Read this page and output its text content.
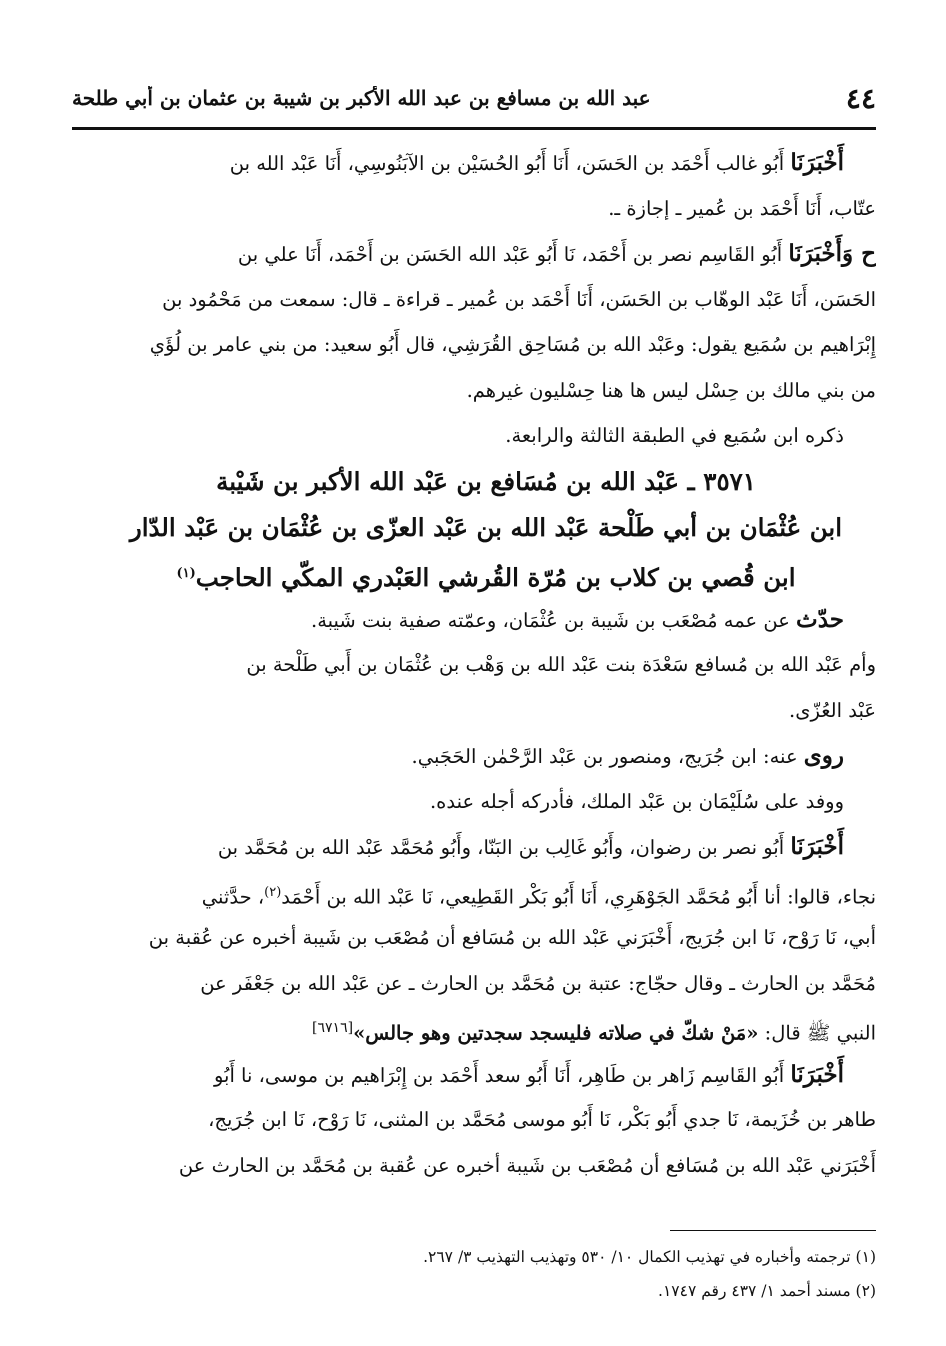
٤٤
عبد الله بن مسافع بن عبد الله الأكبر بن شيبة بن عثمان بن أبي طلحة
أَخْبَرَنَا أَبُو غالب أَحْمَد بن الحَسَن، أَنَا أَبُو الحُسَيْن بن الآبَنُوسِي، أَنَا عَبْد الله بن
عتّاب، أَنَا أَحْمَد بن عُمير ـ إجازة ـ.
ح وَأَخْبَرَنَا أَبُو القَاسِم نصر بن أَحْمَد، نَا أَبُو عَبْد الله الحَسَن بن أَحْمَد، أَنَا علي بن
الحَسَن، أَنَا عَبْد الوهّاب بن الحَسَن، أَنَا أَحْمَد بن عُمير ـ قراءة ـ قال: سمعت من مَحْمُود بن
إِبْرَاهيم بن سُمَيع يقول: وعَبْد الله بن مُسَاحِق القُرَشِي، قال أَبُو سعيد: من بني عامر بن لُؤَي
من بني مالك بن حِسْل ليس ها هنا حِسْليون غيرهم.
ذكره ابن سُمَيع في الطبقة الثالثة والرابعة.
٣٥٧١ ـ عَبْد الله بن مُسَافع بن عَبْد الله الأكبر بن شَيْبة
ابن عُثْمَان بن أبي طَلْحة عَبْد الله بن عَبْد العزّى بن عُثْمَان بن عَبْد الدّار
ابن قُصي بن كلاب بن مُرّة القُرشي العَبْدري المكّي الحاجب$^{(١)}$
حدّث عن عمه مُصْعَب بن شَيبة بن عُثْمَان، وعمّته صفية بنت شَيبة.
وأم عَبْد الله بن مُسافع سَعْدَة بنت عَبْد الله بن وَهْب بن عُثْمَان بن أَبي طَلْحة بن
عَبْد العُزّى.
روى عنه: ابن جُرَيج، ومنصور بن عَبْد الرَّحْمٰن الحَجَبي.
ووفد على سُلَيْمَان بن عَبْد الملك، فأدركه أجله عنده.
أَخْبَرَنَا أَبُو نصر بن رضوان، وأَبُو غَالِب بن البَنّا، وأَبُو مُحَمَّد عَبْد الله بن مُحَمَّد بن
نجاء، قالوا: أنا أَبُو مُحَمَّد الجَوْهَرِي، أَنَا أَبُو بَكْر القَطِيعي، نَا عَبْد الله بن أَحْمَد$^{(٢)}$، حدَّثني
أبي، نَا رَوْح، نَا ابن جُرَيج، أَخْبَرَني عَبْد الله بن مُسَافع أن مُصْعَب بن شَيبة أخبره عن عُقبة بن
مُحَمَّد بن الحارث ـ وقال حجّاج: عتبة بن مُحَمَّد بن الحارث ـ عن عَبْد الله بن جَعْفَر عن
النبي ﷺ قال: «مَنْ شكّ في صلاته فليسجد سجدتين وهو جالس»[٦٧١٦]
أَخْبَرَنَا أَبُو القَاسِم زَاهر بن طَاهِر، أَنَا أَبُو سعد أَحْمَد بن إِبْرَاهيم بن موسى، نا أَبُو
طاهر بن خُزَيمة، نَا جدي أَبُو بَكْر، نَا أَبُو موسى مُحَمَّد بن المثنى، نَا رَوْح، نَا ابن جُرَيج،
أَخْبَرَني عَبْد الله بن مُسَافع أن مُصْعَب بن شَيبة أخبره عن عُقبة بن مُحَمَّد بن الحارث عن
(١) ترجمته وأخباره في تهذيب الكمال ١٠/ ٥٣٠ وتهذيب التهذيب ٣/ ٢٦٧.
(٢) مسند أحمد ١/ ٤٣٧ رقم ١٧٤٧.
